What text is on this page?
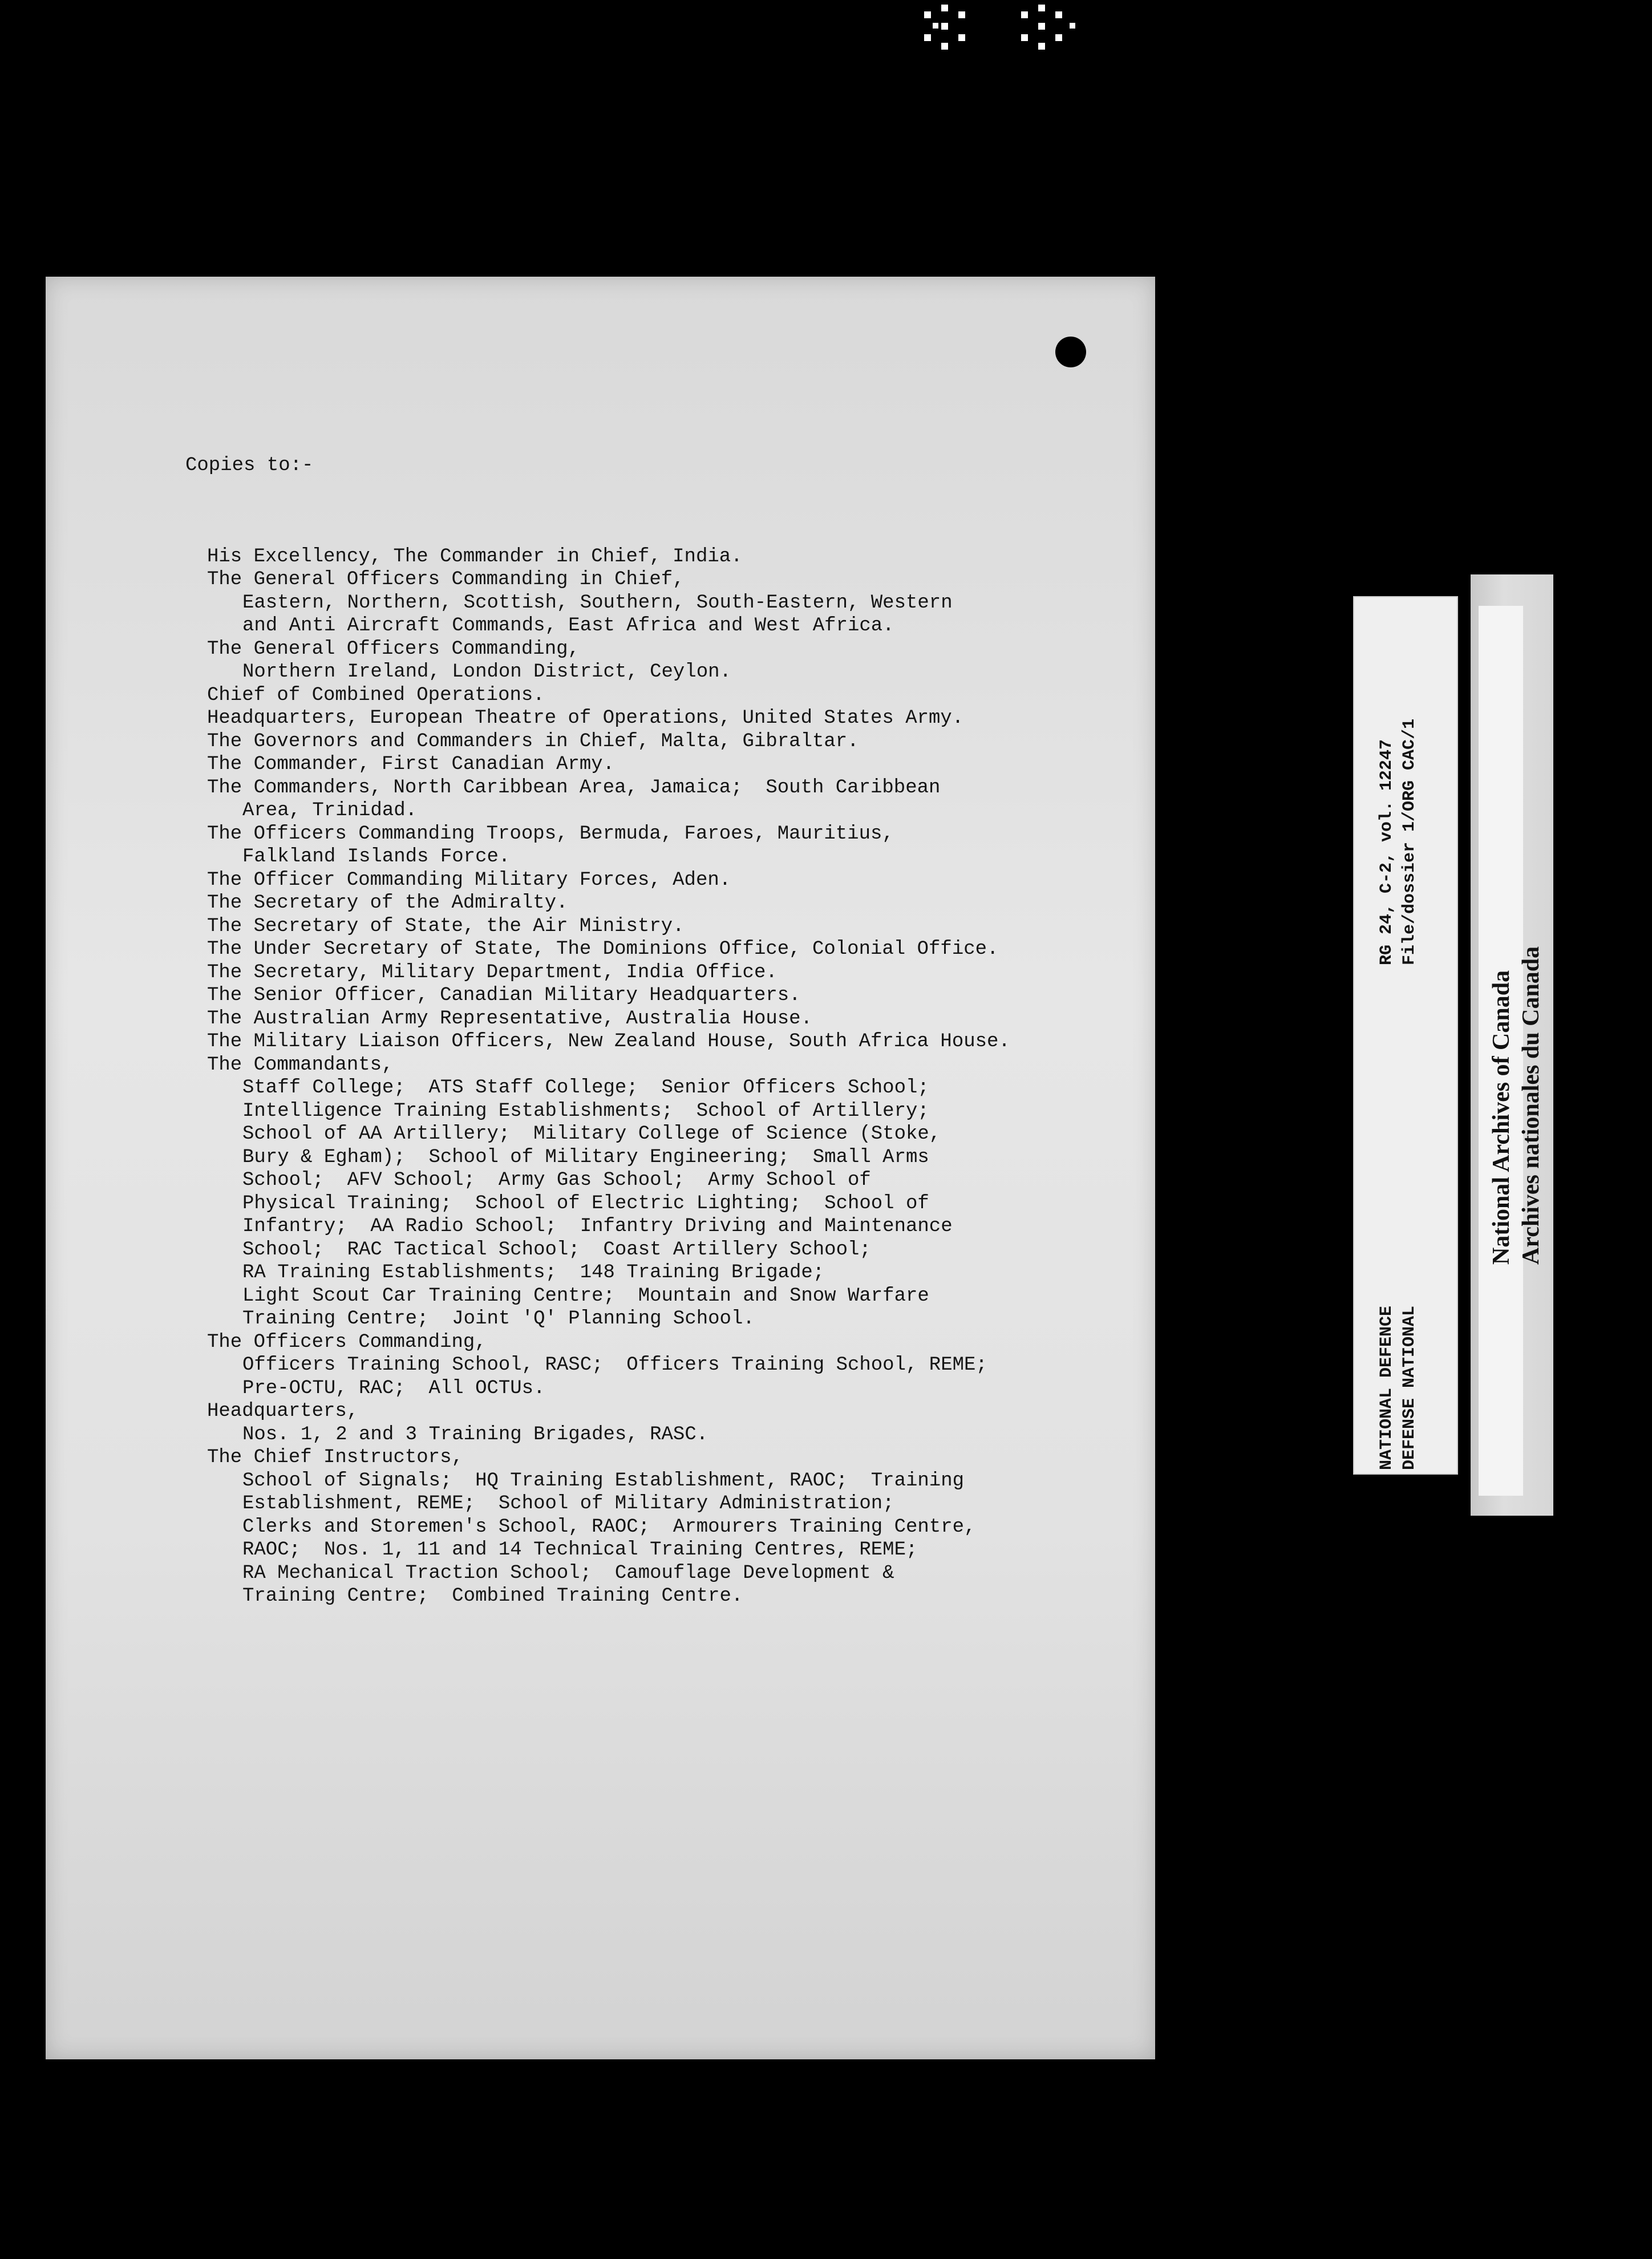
Copies to:-

His Excellency, The Commander in Chief, India.
The General Officers Commanding in Chief,
Eastern, Northern, Scottish, Southern, South-Eastern, Western
and Anti Aircraft Commands, East Africa and West Africa.
The General Officers Commanding,
Northern Ireland, London District, Ceylon.
Chief of Combined Operations.
Headquarters, European Theatre of Operations, United States Army.
The Governors and Commanders in Chief, Malta, Gibraltar.
The Commander, First Canadian Army.
The Commanders, North Caribbean Area, Jamaica;  South Caribbean
Area, Trinidad.
The Officers Commanding Troops, Bermuda, Faroes, Mauritius,
Falkland Islands Force.
The Officer Commanding Military Forces, Aden.
The Secretary of the Admiralty.
The Secretary of State, the Air Ministry.
The Under Secretary of State, The Dominions Office, Colonial Office.
The Secretary, Military Department, India Office.
The Senior Officer, Canadian Military Headquarters.
The Australian Army Representative, Australia House.
The Military Liaison Officers, New Zealand House, South Africa House.
The Commandants,
Staff College;  ATS Staff College;  Senior Officers School;
Intelligence Training Establishments;  School of Artillery;
School of AA Artillery;  Military College of Science (Stoke,
Bury & Egham);  School of Military Engineering;  Small Arms
School;  AFV School;  Army Gas School;  Army School of
Physical Training;  School of Electric Lighting;  School of
Infantry;  AA Radio School;  Infantry Driving and Maintenance
School;  RAC Tactical School;  Coast Artillery School;
RA Training Establishments;  148 Training Brigade;
Light Scout Car Training Centre;  Mountain and Snow Warfare
Training Centre;  Joint 'Q' Planning School.
The Officers Commanding,
Officers Training School, RASC;  Officers Training School, REME;
Pre-OCTU, RAC;  All OCTUs.
Headquarters,
Nos. 1, 2 and 3 Training Brigades, RASC.
The Chief Instructors,
School of Signals;  HQ Training Establishment, RAOC;  Training
Establishment, REME;  School of Military Administration;
Clerks and Storemen's School, RAOC;  Armourers Training Centre,
RAOC;  Nos. 1, 11 and 14 Technical Training Centres, REME;
RA Mechanical Traction School;  Camouflage Development &
Training Centre;  Combined Training Centre.
RG 24, C-2, vol. 12247 File/dossier 1/ORG CAC/1
NATIONAL DEFENCE DEFENSE NATIONAL
National Archives of Canada Archives nationales du Canada
